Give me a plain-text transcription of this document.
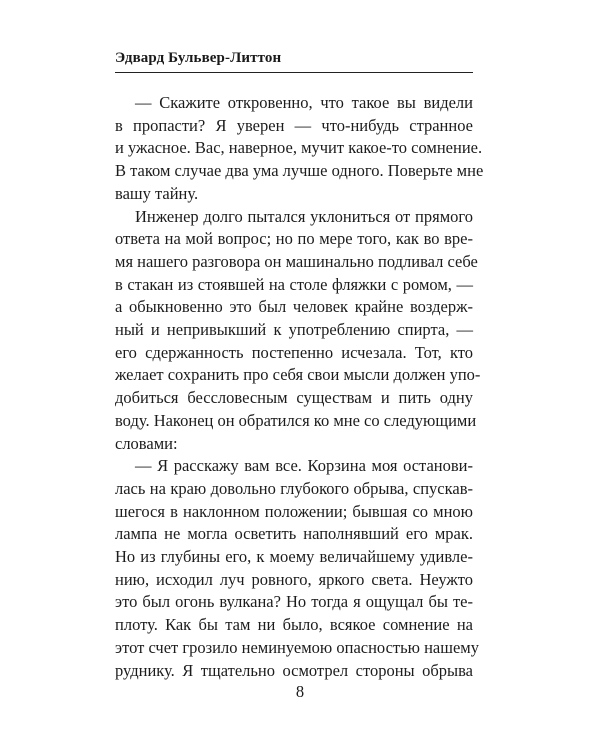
Эдвард Бульвер-Литтон
— Скажите откровенно, что такое вы видели
в пропасти? Я уверен — что-нибудь странное
и ужасное. Вас, наверное, мучит какое-то сомнение.
В таком случае два ума лучше одного. Поверьте мне
вашу тайну.
Инженер долго пытался уклониться от прямого
ответа на мой вопрос; но по мере того, как во вре-
мя нашего разговора он машинально подливал себе
в стакан из стоявшей на столе фляжки с ромом, —
а обыкновенно это был человек крайне воздерж-
ный и непривыкший к употреблению спирта, —
его сдержанность постепенно исчезала. Тот, кто
желает сохранить про себя свои мысли должен упо-
добиться бессловесным существам и пить одну
воду. Наконец он обратился ко мне со следующими
словами:
— Я расскажу вам все. Корзина моя останови-
лась на краю довольно глубокого обрыва, спускав-
шегося в наклонном положении; бывшая со мною
лампа не могла осветить наполнявший его мрак.
Но из глубины его, к моему величайшему удивле-
нию, исходил луч ровного, яркого света. Неужто
это был огонь вулкана? Но тогда я ощущал бы те-
плоту. Как бы там ни было, всякое сомнение на
этот счет грозило неминуемою опасностью нашему
руднику. Я тщательно осмотрел стороны обрыва
8
